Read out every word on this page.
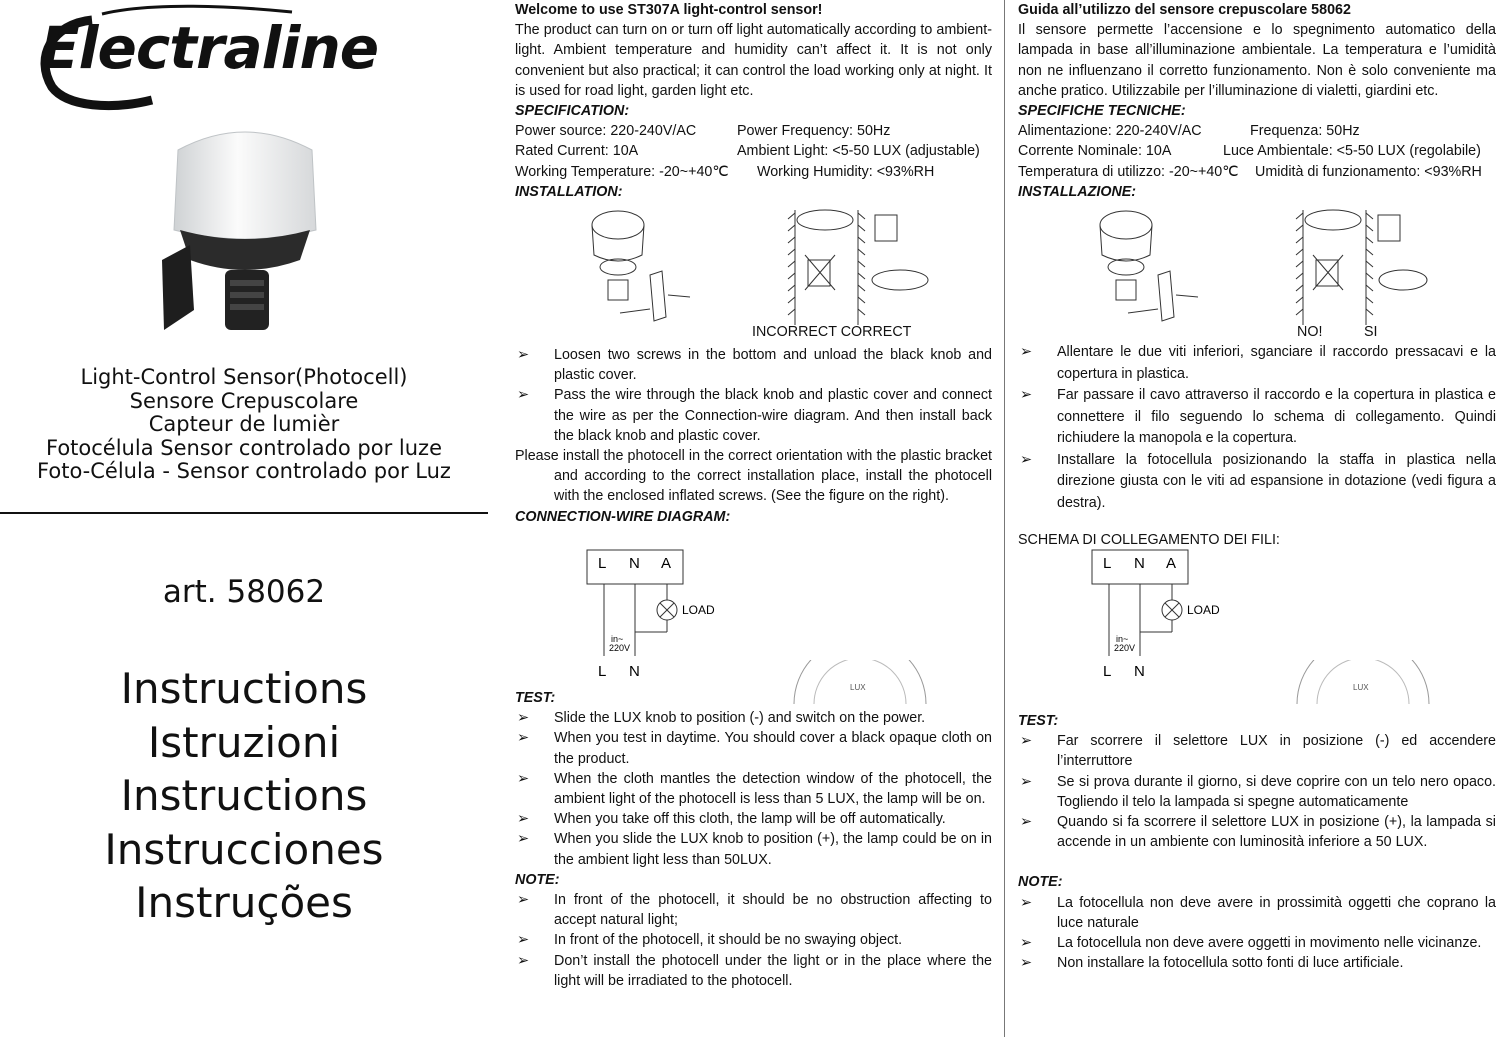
Electraline
Light-Control Sensor(Photocell)
Sensore Crepuscolare
Capteur de lumièr
Fotocélula Sensor controlado por luze
Foto-Célula - Sensor controlado por Luz
art. 58062
Instructions
Istruzioni
Instructions
Instrucciones
Instruções

Welcome to use ST307A light-control sensor!

The product can turn on or turn off light automatically according to ambient-light. Ambient temperature and humidity can’t affect it. It is not only convenient but also practical; it can control the load working only at night. It is used for road light, garden light etc.

SPECIFICATION:

Power source: 220-240V/AC	Power Frequency: 50Hz
Rated Current: 10A	Ambient Light: <5-50 LUX (adjustable)
Working Temperature: -20~+40℃ Working Humidity: <93%RH

INSTALLATION:

INCORRECT CORRECT
➢ Loosen two screws in the bottom and unload the black knob and plastic cover.
➢ Pass the wire through the black knob and plastic cover and connect the wire as per the Connection-wire diagram. And then install back the black knob and plastic cover.
Please install the photocell in the correct orientation with the plastic bracket and according to the correct installation place, install the photocell with the enclosed inflated screws. (See the figure on the right).

CONNECTION-WIRE DIAGRAM:

L N A
LOAD
in~
220V
L N
LUX

TEST:

➢ Slide the LUX knob to position (-) and switch on the power.
➢ When you test in daytime. You should cover a black opaque cloth on the product.
➢ When the cloth mantles the detection window of the photocell, the ambient light of the photocell is less than 5 LUX, the lamp will be on.
➢ When you take off this cloth, the lamp will be off automatically.
➢ When you slide the LUX knob to position (+), the lamp could be on in the ambient light less than 50LUX.

NOTE:

➢ In front of the photocell, it should be no obstruction affecting to accept natural light;
➢ In front of the photocell, it should be no swaying object.
➢ Don’t install the photocell under the light or in the place where the light will be irradiated to the photocell.

Guida all’utilizzo del sensore crepuscolare 58062

Il sensore permette l’accensione e lo spegnimento automatico della lampada in base all’illuminazione ambientale. La temperatura e l’umidità non ne influenzano il corretto funzionamento. Non è solo conveniente ma anche pratico. Utilizzabile per l’illuminazione di vialetti, giardini etc.

SPECIFICHE TECNICHE:

Alimentazione: 220-240V/AC	Frequenza: 50Hz
Corrente Nominale: 10A	Luce Ambientale: <5-50 LUX (regolabile)
Temperatura di utilizzo: -20~+40℃ Umidità di funzionamento: <93%RH

INSTALLAZIONE:

NO!	SI
➢ Allentare le due viti inferiori, sganciare il raccordo pressacavi e la copertura in plastica.
➢ Far passare il cavo attraverso il raccordo e la copertura in plastica e connettere il filo seguendo lo schema di collegamento. Quindi richiudere la manopola e la copertura.
➢ Installare la fotocellula posizionando la staffa in plastica nella direzione giusta con le viti ad espansione in dotazione (vedi figura a destra).
SCHEMA DI COLLEGAMENTO DEI FILI:
L N A
LOAD
in~
220V
L N
LUX

TEST:

➢ Far scorrere il selettore LUX in posizione (-) ed accendere l’interruttore
➢ Se si prova durante il giorno, si deve coprire con un telo nero opaco. Togliendo il telo la lampada si spegne automaticamente
➢ Quando si fa scorrere il selettore LUX in posizione (+), la lampada si accende in un ambiente con luminosità inferiore a 50 LUX.

NOTE:

➢ La fotocellula non deve avere in prossimità oggetti che coprano la luce naturale
➢ La fotocellula non deve avere oggetti in movimento nelle vicinanze.
➢ Non installare la fotocellula sotto fonti di luce artificiale.
